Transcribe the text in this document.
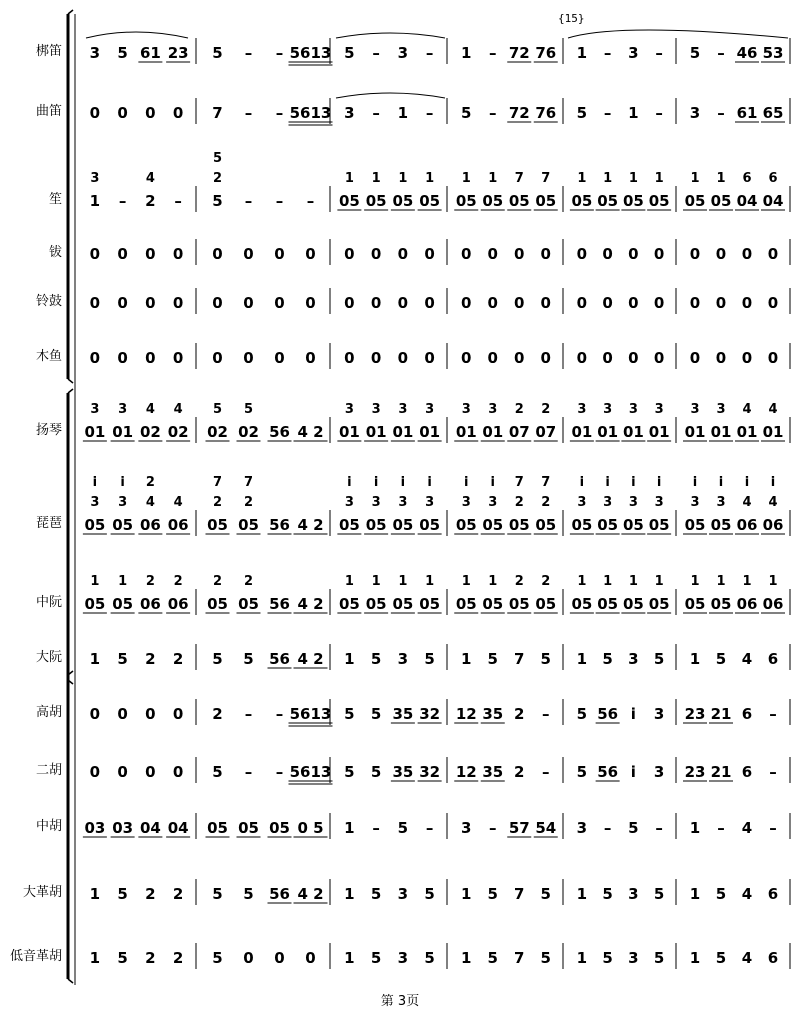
3 5 61 23 5 – – 5613 5 – 3 – 1 – 72 76 1 – 3 – 5 – 46 53
0 0 0 0 7 – – 5613 3 – 1 – 5 – 72 76 5 – 1 – 3 – 61 65
1 – 2 –
3	4
5 – – –
2
5
05 05 05 05
1 1 1 1
05 05 05 05
1 1 7 7
05 05 05 05
1 1 1 1
05 05 04 04
1 1 6 6
0 0 0 0 0 0 0 0 0 0 0 0 0 0 0 0 0 0 0 0 0 0 0 0
0 0 0 0 0 0 0 0 0 0 0 0 0 0 0 0 0 0 0 0 0 0 0 0
0 0 0 0 0 0 0 0 0 0 0 0 0 0 0 0 0 0 0 0 0 0 0 0
01 01 02 02
3 3 4 4
02 02 56 4 2
5 5
01 01 01 01
3 3 3 3
01 01 07 07
3 3 2 2
01 01 01 01
3 3 3 3
01 01 01 01
3 3 4 4
05 05 06 06
3 3 4 4
i i 2
05 05 56 4 2
2 2
7 7
05 05 05 05
3 3 3 3
i i i i
05 05 05 05
3 3 2 2
i i 7 7
05 05 05 05
3 3 3 3
i i i i
05 05 06 06
3 3 4 4
i i i i
05 05 06 06
1 1 2 2
05 05 56 4 2
2 2
05 05 05 05
1 1 1 1
05 05 05 05
1 1 2 2
05 05 05 05
1 1 1 1
05 05 06 06
1 1 1 1
1 5 2 2 5 5 56 4 2 1 5 3 5 1 5 7 5 1 5 3 5 1 5 4 6
0 0 0 0 2 – – 5613 5 5 35 32 12 35 2 – 5 56 i 3 23 21 6 –
0 0 0 0 5 – – 5613 5 5 35 32 12 35 2 – 5 56 i 3 23 21 6 –
03 03 04 04 05 05 05 0 5 1 – 5 – 3 – 57 54 3 – 5 – 1 – 4 –
1 5 2 2 5 5 56 4 2 1 5 3 5 1 5 7 5 1 5 3 5 1 5 4 6
1 5 2 2 5 0 0 0 1 5 3 5 1 5 7 5 1 5 3 5 1 5 4 6
{15}
梆笛
曲笛
笙
钹
铃鼓
木鱼
扬琴
琵琶
中阮
大阮
高胡
二胡
中胡
大革胡
低音革胡
第 3页
